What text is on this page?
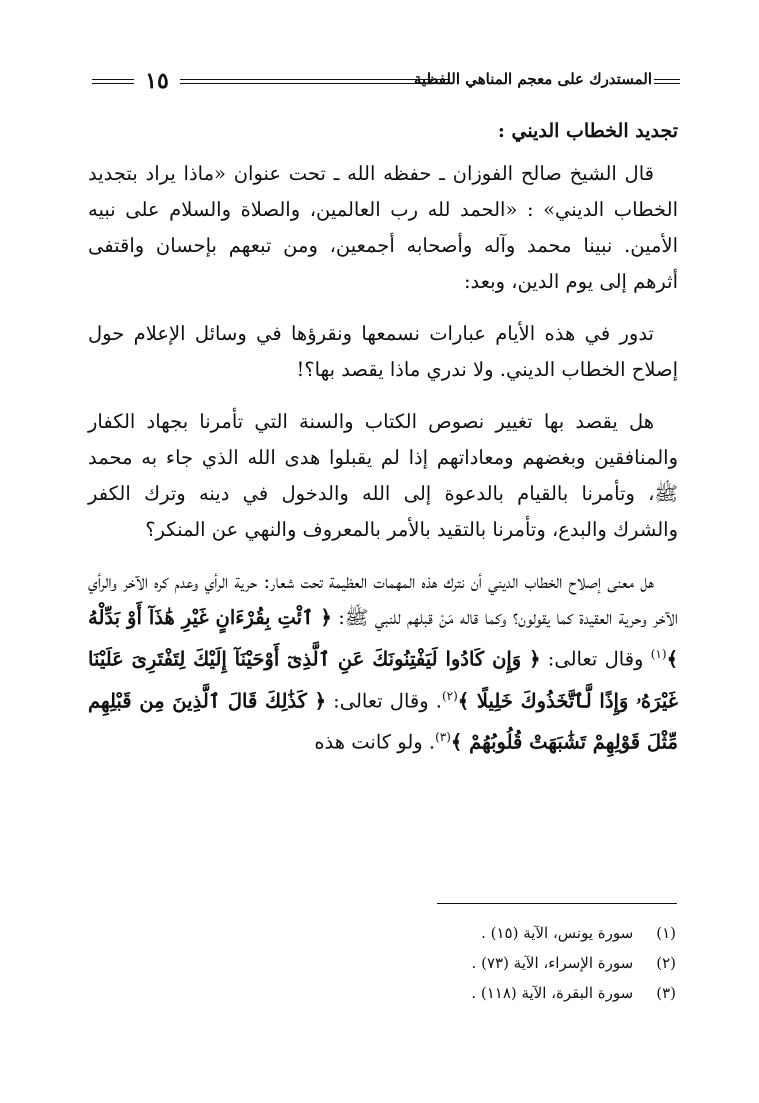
١٥	المستدرك على معجم المناهي اللفظية
تجديد الخطاب الديني :

قال الشيخ صالح الفوزان ـ حفظه الله ـ تحت عنوان «ماذا يراد بتجديد الخطاب الديني» : «الحمد لله رب العالمين، والصلاة والسلام على نبيه الأمين. نبينا محمد وآله وأصحابه أجمعين، ومن تبعهم بإحسان واقتفى أثرهم إلى يوم الدين، وبعد:

تدور في هذه الأيام عبارات نسمعها ونقرؤها في وسائل الإعلام حول إصلاح الخطاب الديني. ولا ندري ماذا يقصد بها؟!

هل يقصد بها تغيير نصوص الكتاب والسنة التي تأمرنا بجهاد الكفار والمنافقين وبغضهم ومعاداتهم إذا لم يقبلوا هدى الله الذي جاء به محمد ﷺ، وتأمرنا بالقيام بالدعوة إلى الله والدخول في دينه وترك الكفر والشرك والبدع، وتأمرنا بالتقيد بالأمر بالمعروف والنهي عن المنكر؟

هل معنى إصلاح الخطاب الديني أن نترك هذه المهمات العظيمة تحت شعار: حرية الرأي وعدم كره الآخر والرأي الآخر وحرية العقيدة كما يقولون؟ وكما قاله مَنْ قبلهم للنبي ﷺ: ﴿ ٱئْتِ بِقُرْءَانٍ غَيْرِ هَٰذَآ أَوْ بَدِّلْهُ ﴾$^{(١)}$ وقال تعالى: ﴿ وَإِن كَادُوا لَيَفْتِنُونَكَ عَنِ ٱلَّذِىٓ أَوْحَيْنَآ إِلَيْكَ لِتَفْتَرِىَ عَلَيْنَا غَيْرَهُۥ وَإِذًا لَّٱتَّخَذُوكَ خَلِيلًا ﴾$^{(٢)}$. وقال تعالى: ﴿ كَذَٰلِكَ قَالَ ٱلَّذِينَ مِن قَبْلِهِم مِّثْلَ قَوْلِهِمْ تَشَٰبَهَتْ قُلُوبُهُمْ ﴾$^{(٣)}$. ولو كانت هذه

(١) سورة يونس، الآية (١٥) .
(٢) سورة الإسراء، الآية (٧٣) .
(٣) سورة البقرة، الآية (١١٨) .
